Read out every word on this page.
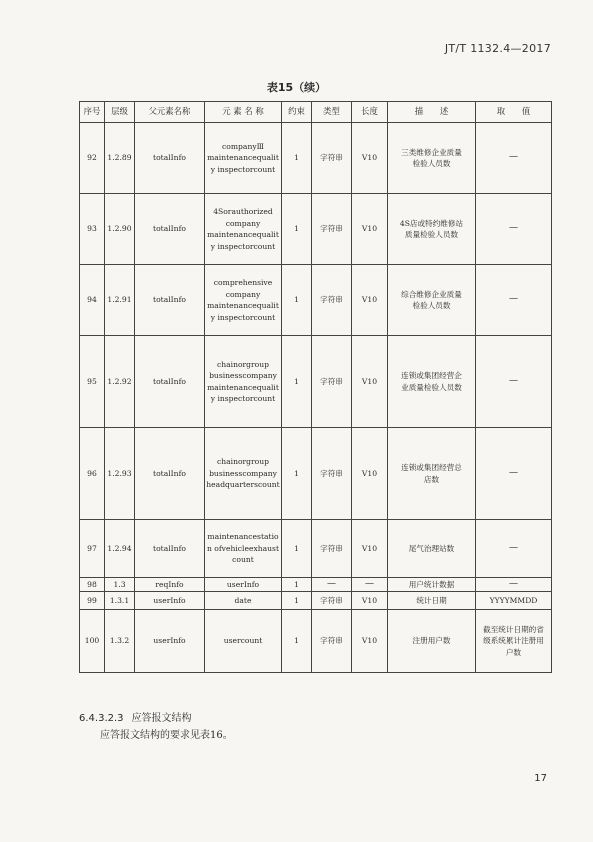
JT/T 1132.4—2017
表15（续）
序号	层级	父元素名称	元 素 名 称	约束	类型	长度	描　　述	取　　值
92	1.2.89	totalInfo	companyⅢ maintenancequality inspectorcount	1	字符串	V10	三类维修企业质量检验人员数	—
93	1.2.90	totalInfo	4Sorauthorized company maintenancequality inspectorcount	1	字符串	V10	4S店或特约维修站质量检验人员数	—
94	1.2.91	totalInfo	comprehensive company maintenancequality inspectorcount	1	字符串	V10	综合维修企业质量检验人员数	—
95	1.2.92	totalInfo	chainorgroup businesscompany maintenancequality inspectorcount	1	字符串	V10	连锁或集团经营企业质量检验人员数	—
96	1.2.93	totalInfo	chainorgroup businesscompany headquarterscount	1	字符串	V10	连锁或集团经营总店数	—
97	1.2.94	totalInfo	maintenancestation ofvehicleexhaust count	1	字符串	V10	尾气治理站数	—
98	1.3	reqInfo	userInfo	1	—	—	用户统计数据	—
99	1.3.1	userInfo	date	1	字符串	V10	统计日期	YYYYMMDD
100	1.3.2	userInfo	usercount	1	字符串	V10	注册用户数	截至统计日期的省级系统累计注册用户数
6.4.3.2.3 应答报文结构
应答报文结构的要求见表16。
17
